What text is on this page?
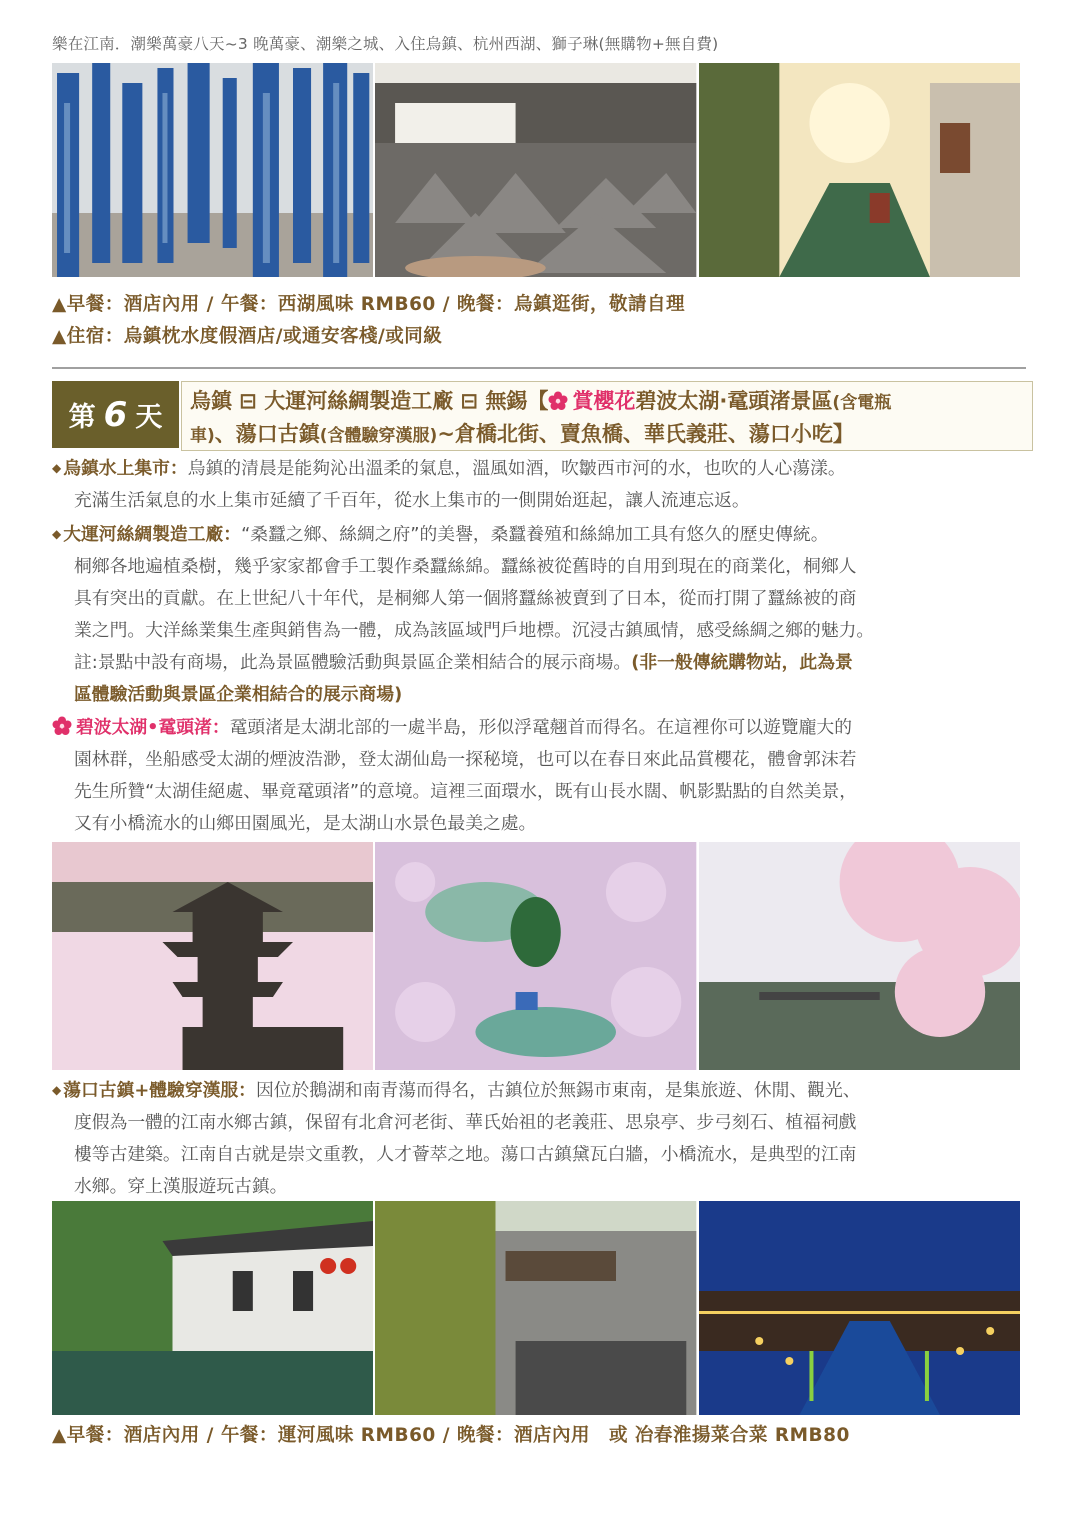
樂在江南．潮樂萬豪八天~3 晚萬豪、潮樂之城、入住烏鎮、杭州西湖、獅子琳(無購物+無自費)
▲早餐：酒店內用 / 午餐：西湖風味 RMB60 / 晚餐：烏鎮逛街，敬請自理
▲住宿：烏鎮枕水度假酒店/或通安客棧/或同級
第 6 天
烏鎮 ⊟ 大運河絲綢製造工廠 ⊟ 無錫【 賞櫻花碧波太湖·鼋頭渚景區(含電瓶
車)、蕩口古鎮(含體驗穿漢服)~倉橋北街、賣魚橋、華氏義莊、蕩口小吃】
◆ 烏鎮水上集市：烏鎮的清晨是能夠沁出溫柔的氣息，溫風如酒，吹皺西市河的水，也吹的人心蕩漾。
充滿生活氣息的水上集市延續了千百年，從水上集市的一側開始逛起，讓人流連忘返。
◆ 大運河絲綢製造工廠：“桑蠶之鄉、絲綢之府”的美譽，桑蠶養殖和絲綿加工具有悠久的歷史傳統。
桐鄉各地遍植桑樹，幾乎家家都會手工製作桑蠶絲綿。蠶絲被從舊時的自用到現在的商業化，桐鄉人
具有突出的貢獻。在上世紀八十年代，是桐鄉人第一個將蠶絲被賣到了日本，從而打開了蠶絲被的商
業之門。大洋絲業集生產與銷售為一體，成為該區域門戶地標。沉浸古鎮風情，感受絲綢之鄉的魅力。
註:景點中設有商場，此為景區體驗活動與景區企業相結合的展示商場。(非一般傳統購物站，此為景
區體驗活動與景區企業相結合的展示商場)
碧波太湖•鼋頭渚：鼋頭渚是太湖北部的一處半島，形似浮鼋翹首而得名。在這裡你可以遊覽龐大的
園林群，坐船感受太湖的煙波浩渺，登太湖仙島一探秘境，也可以在春日來此品賞櫻花，體會郭沫若
先生所贊“太湖佳絕處、畢竟鼋頭渚”的意境。這裡三面環水，既有山長水闊、帆影點點的自然美景，
又有小橋流水的山鄉田園風光，是太湖山水景色最美之處。
◆ 蕩口古鎮+體驗穿漢服：因位於鵝湖和南青蕩而得名，古鎮位於無錫市東南，是集旅遊、休閒、觀光、
度假為一體的江南水鄉古鎮，保留有北倉河老街、華氏始祖的老義莊、思泉亭、步弓刻石、植福祠戲
樓等古建築。江南自古就是崇文重教，人才薈萃之地。蕩口古鎮黛瓦白牆，小橋流水，是典型的江南
水鄉。穿上漢服遊玩古鎮。
▲早餐：酒店內用 / 午餐：運河風味 RMB60 / 晚餐：酒店內用　或 冶春淮揚菜合菜 RMB80
